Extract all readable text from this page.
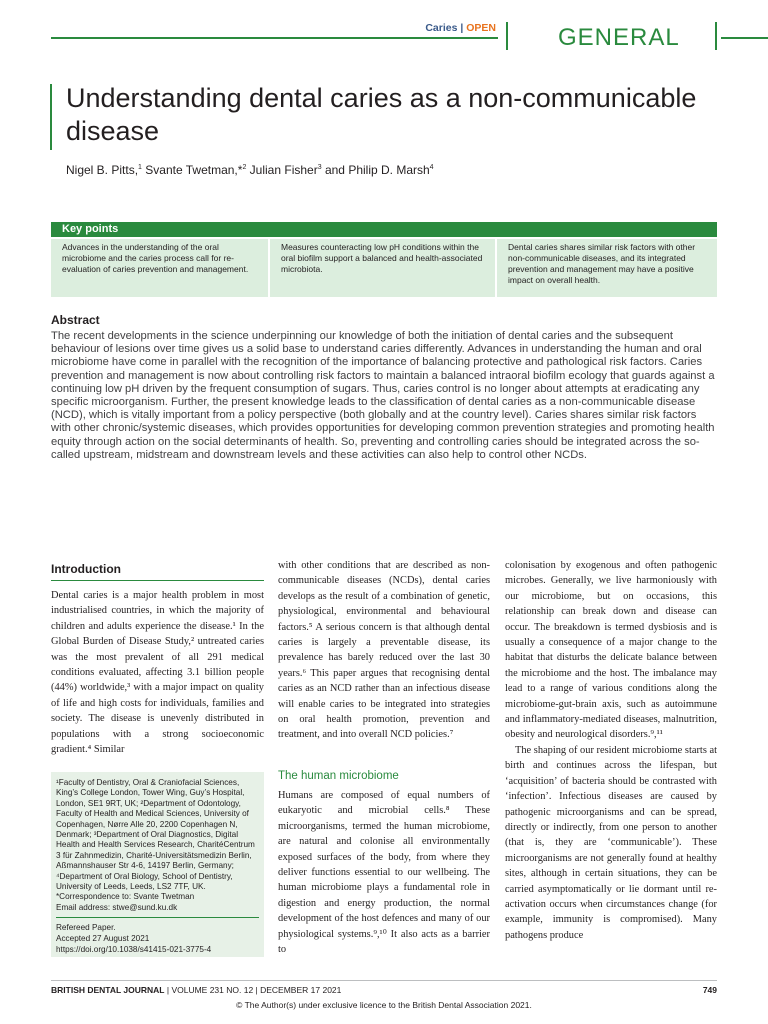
Caries | OPEN	GENERAL
Understanding dental caries as a non-communicable disease
Nigel B. Pitts,$^1$ Svante Twetman,*$^2$ Julian Fisher$^3$ and Philip D. Marsh$^4$
Key points
Advances in the understanding of the oral microbiome and the caries process call for re-evaluation of caries prevention and management.
Measures counteracting low pH conditions within the oral biofilm support a balanced and health-associated microbiota.
Dental caries shares similar risk factors with other non-communicable diseases, and its integrated prevention and management may have a positive impact on overall health.
Abstract

The recent developments in the science underpinning our knowledge of both the initiation of dental caries and the subsequent behaviour of lesions over time gives us a solid base to understand caries differently. Advances in understanding the human and oral microbiome have come in parallel with the recognition of the importance of balancing protective and pathological risk factors. Caries prevention and management is now about controlling risk factors to maintain a balanced intraoral biofilm ecology that guards against a continuing low pH driven by the frequent consumption of sugars. Thus, caries control is no longer about attempts at eradicating any specific microorganism. Further, the present knowledge leads to the classification of dental caries as a non-communicable disease (NCD), which is vitally important from a policy perspective (both globally and at the country level). Caries shares similar risk factors with other chronic/systemic diseases, which provides opportunities for developing common prevention strategies and promoting health equity through action on the social determinants of health. So, preventing and controlling caries should be integrated across the so-called upstream, midstream and downstream levels and these activities can also help to control other NCDs.

Introduction

Dental caries is a major health problem in most industrialised countries, in which the majority of children and adults experience the disease.¹ In the Global Burden of Disease Study,² untreated caries was the most prevalent of all 291 medical conditions evaluated, affecting 3.1 billion people (44%) worldwide,³ with a major impact on quality of life and high costs for individuals, families and society. The disease is unevenly distributed in populations with a strong socioeconomic gradient.⁴ Similar

¹Faculty of Dentistry, Oral & Craniofacial Sciences, King’s College London, Tower Wing, Guy’s Hospital, London, SE1 9RT, UK; ²Department of Odontology, Faculty of Health and Medical Sciences, University of Copenhagen, Nørre Alle 20, 2200 Copenhagen N, Denmark; ³Department of Oral Diagnostics, Digital Health and Health Services Research, CharitéCentrum 3 für Zahnmedizin, Charité-Universitätsmedizin Berlin, Aßmannshauser Str 4-6, 14197 Berlin, Germany; ⁴Department of Oral Biology, School of Dentistry, University of Leeds, Leeds, LS2 7TF, UK.
*Correspondence to: Svante Twetman
Email address: stwe@sund.ku.dk
Refereed Paper.
Accepted 27 August 2021
https://doi.org/10.1038/s41415-021-3775-4

with other conditions that are described as non-communicable diseases (NCDs), dental caries develops as the result of a combination of genetic, physiological, environmental and behavioural factors.⁵ A serious concern is that although dental caries is largely a preventable disease, its prevalence has barely reduced over the last 30 years.⁶ This paper argues that recognising dental caries as an NCD rather than an infectious disease will enable caries to be integrated into strategies on oral health promotion, prevention and treatment, and into overall NCD policies.⁷

The human microbiome

Humans are composed of equal numbers of eukaryotic and microbial cells.⁸ These microorganisms, termed the human microbiome, are natural and colonise all environmentally exposed surfaces of the body, from where they deliver functions essential to our wellbeing. The human microbiome plays a fundamental role in digestion and energy production, the normal development of the host defences and many of our physiological systems.⁹,¹⁰ It also acts as a barrier to

colonisation by exogenous and often pathogenic microbes. Generally, we live harmoniously with our microbiome, but on occasions, this relationship can break down and disease can occur. The breakdown is termed dysbiosis and is usually a consequence of a major change to the habitat that disturbs the delicate balance between the microbiome and the host. The imbalance may lead to a range of various conditions along the microbiome-gut-brain axis, such as autoimmune and inflammatory-mediated diseases, malnutrition, obesity and neurological disorders.⁹,¹¹

The shaping of our resident microbiome starts at birth and continues across the lifespan, but ‘acquisition’ of bacteria should be contrasted with ‘infection’. Infectious diseases are caused by pathogenic microorganisms and can be spread, directly or indirectly, from one person to another (that is, they are ‘communicable’). These microorganisms are not generally found at healthy sites, although in certain situations, they can be carried asymptomatically or lie dormant until re-activation occurs when circumstances change (for example, immunity is compromised). Many pathogens produce

BRITISH DENTAL JOURNAL | VOLUME 231 NO. 12 | DECEMBER 17 2021	749
© The Author(s) under exclusive licence to the British Dental Association 2021.
